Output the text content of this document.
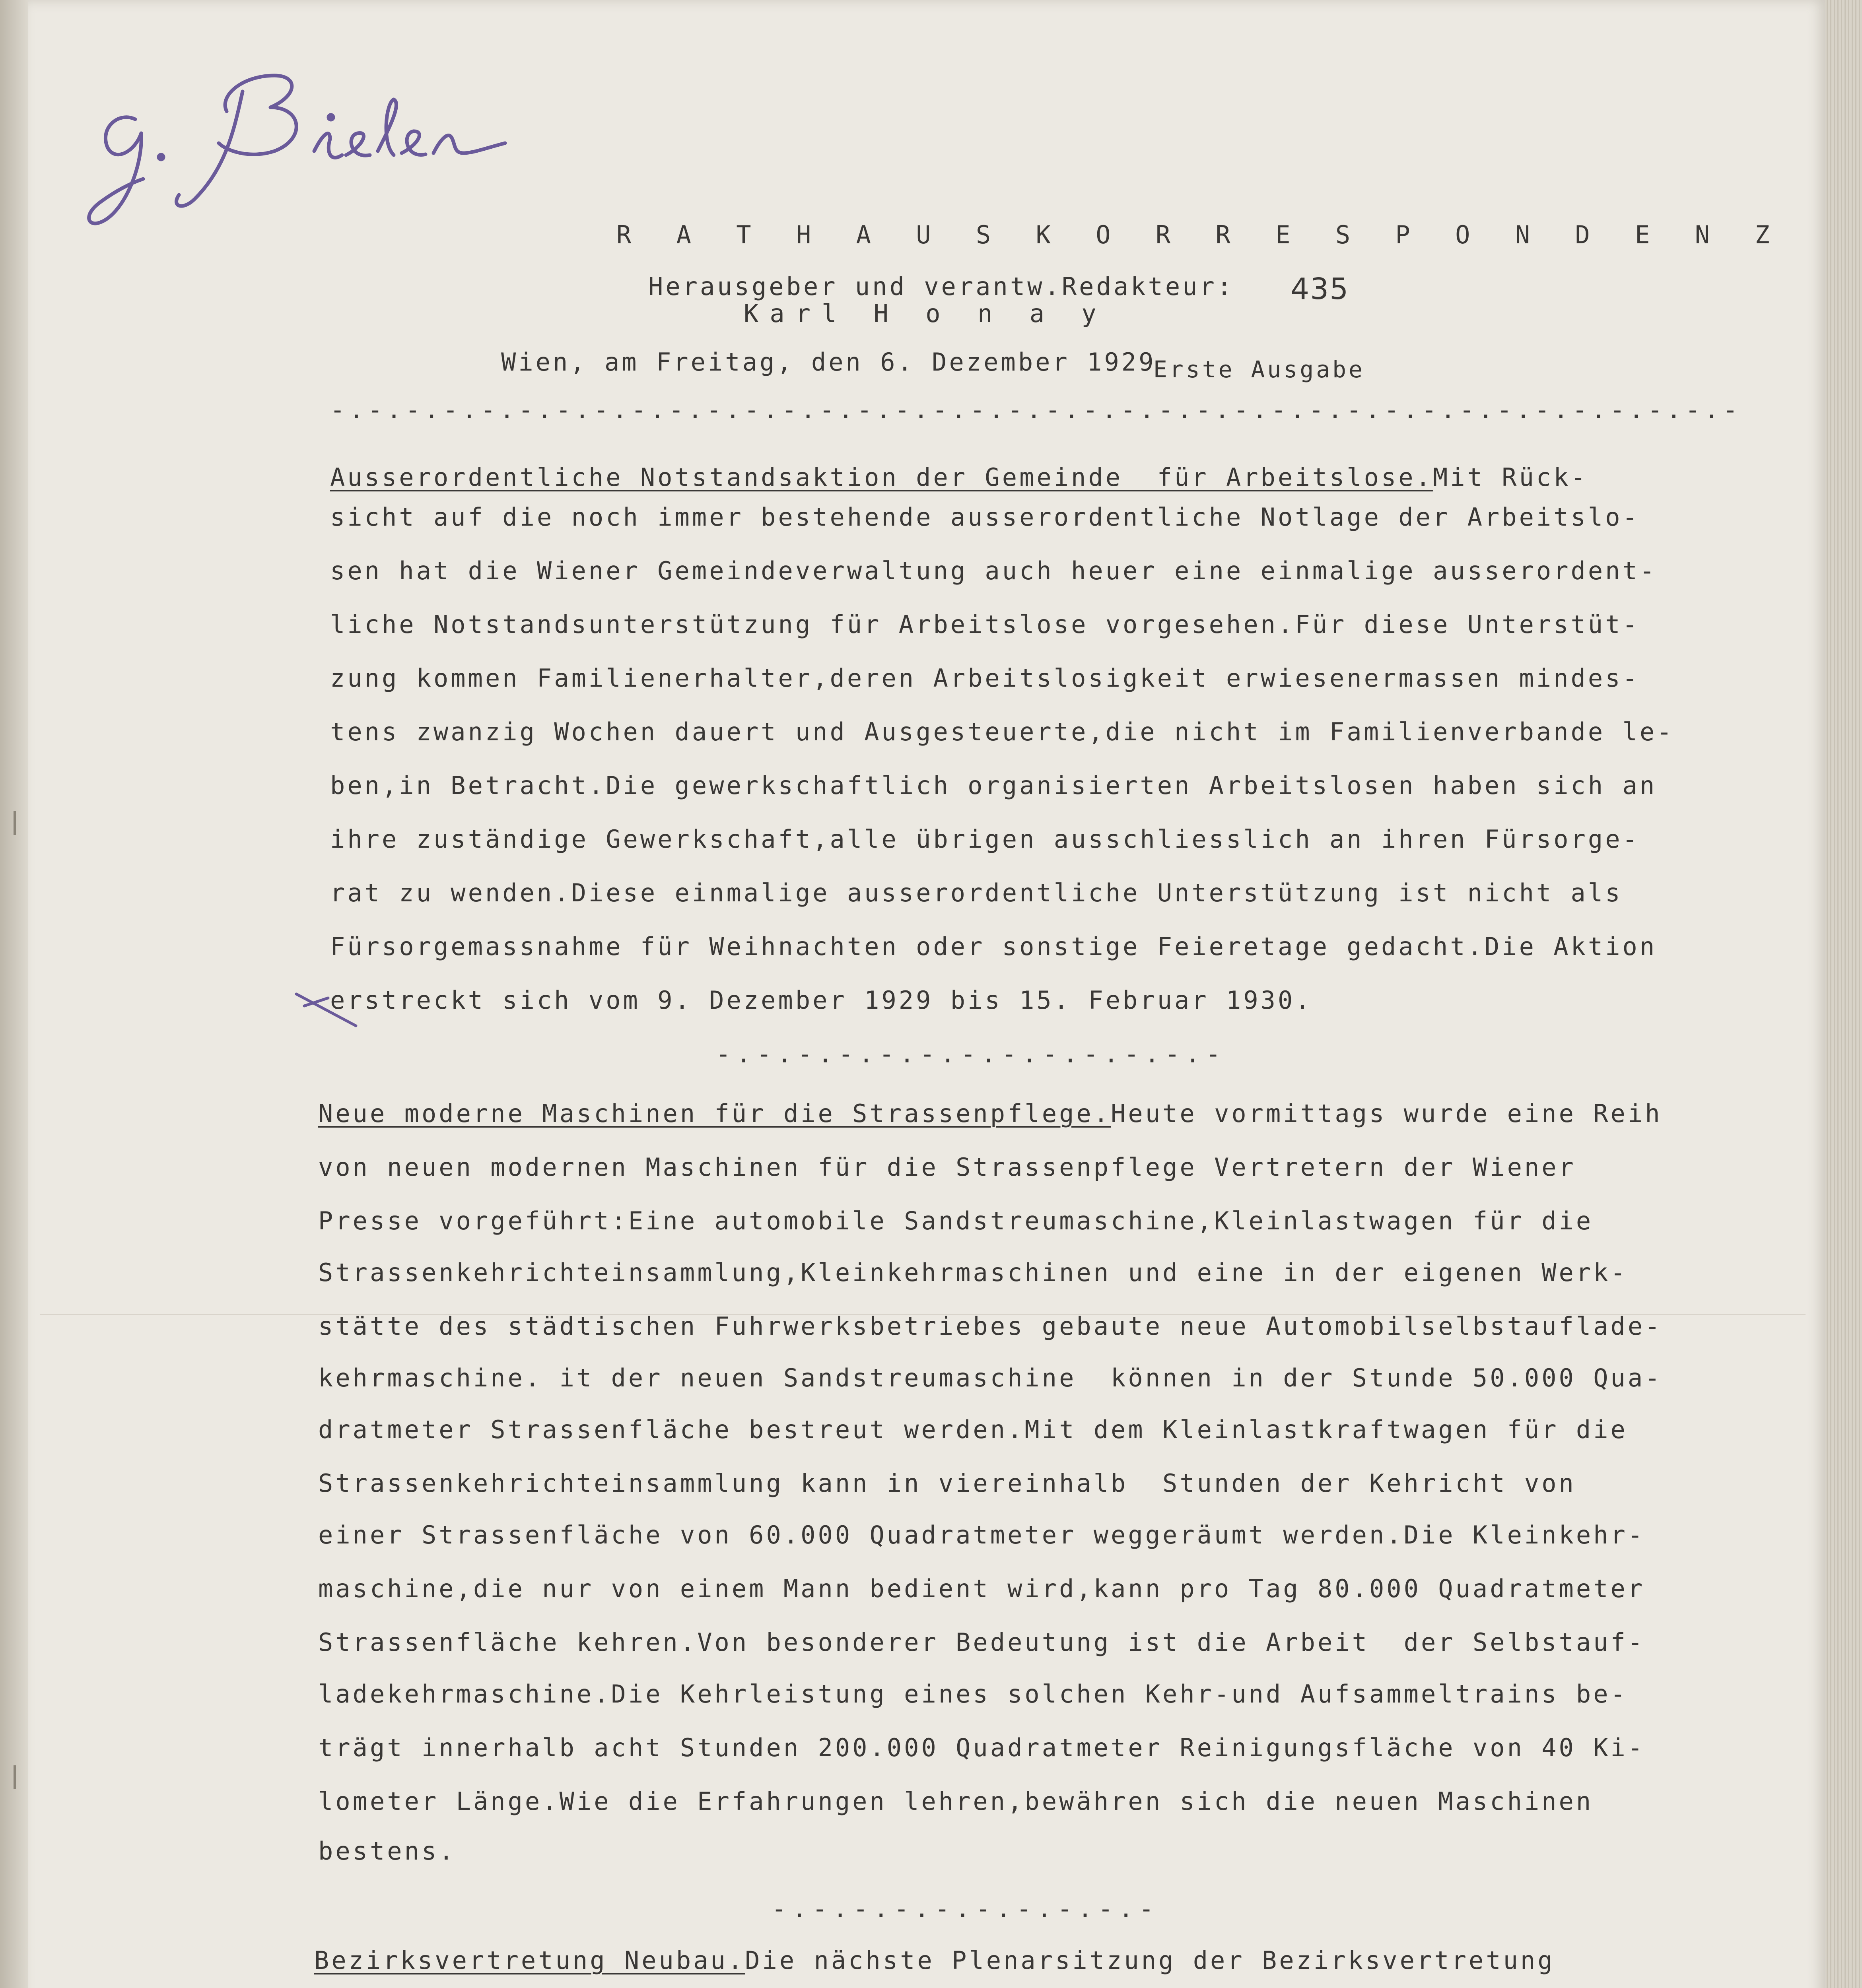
R A T H A U S K O R R E S P O N D E N Z
Herausgeber und verantw.Redakteur:
Karl H o n a y
435
Wien, am Freitag, den 6. Dezember 1929
Erste Ausgabe
-.-.-.-.-.-.-.-.-.-.-.-.-.-.-.-.-.-.-.-.-.-.-.-.-.-.-.-.-.-.-.-.-.-.-.-.-.-
Ausserordentliche Notstandsaktion der Gemeinde  für Arbeitslose.Mit Rück-
sicht auf die noch immer bestehende ausserordentliche Notlage der Arbeitslo-
sen hat die Wiener Gemeindeverwaltung auch heuer eine einmalige ausserordent-
liche Notstandsunterstützung für Arbeitslose vorgesehen.Für diese Unterstüt-
zung kommen Familienerhalter,deren Arbeitslosigkeit erwiesenermassen mindes-
tens zwanzig Wochen dauert und Ausgesteuerte,die nicht im Familienverbande le-
ben,in Betracht.Die gewerkschaftlich organisierten Arbeitslosen haben sich an
ihre zuständige Gewerkschaft,alle übrigen ausschliesslich an ihren Fürsorge-
rat zu wenden.Diese einmalige ausserordentliche Unterstützung ist nicht als
Fürsorgemassnahme für Weihnachten oder sonstige Feieretage gedacht.Die Aktion
erstreckt sich vom 9. Dezember 1929 bis 15. Februar 1930.
-.-.-.-.-.-.-.-.-.-.-.-.-
Neue moderne Maschinen für die Strassenpflege.Heute vormittags wurde eine Reih
von neuen modernen Maschinen für die Strassenpflege Vertretern der Wiener
Presse vorgeführt:Eine automobile Sandstreumaschine,Kleinlastwagen für die
Strassenkehrichteinsammlung,Kleinkehrmaschinen und eine in der eigenen Werk-
stätte des städtischen Fuhrwerksbetriebes gebaute neue Automobilselbstauflade-
kehrmaschine. it der neuen Sandstreumaschine  können in der Stunde 50.000 Qua-
dratmeter Strassenfläche bestreut werden.Mit dem Kleinlastkraftwagen für die
Strassenkehrichteinsammlung kann in viereinhalb  Stunden der Kehricht von
einer Strassenfläche von 60.000 Quadratmeter weggeräumt werden.Die Kleinkehr-
maschine,die nur von einem Mann bedient wird,kann pro Tag 80.000 Quadratmeter
Strassenfläche kehren.Von besonderer Bedeutung ist die Arbeit  der Selbstauf-
ladekehrmaschine.Die Kehrleistung eines solchen Kehr-und Aufsammeltrains be-
trägt innerhalb acht Stunden 200.000 Quadratmeter Reinigungsfläche von 40 Ki-
lometer Länge.Wie die Erfahrungen lehren,bewähren sich die neuen Maschinen
bestens.
-.-.-.-.-.-.-.-.-.-
Bezirksvertretung Neubau.Die nächste Plenarsitzung der Bezirksvertretung
